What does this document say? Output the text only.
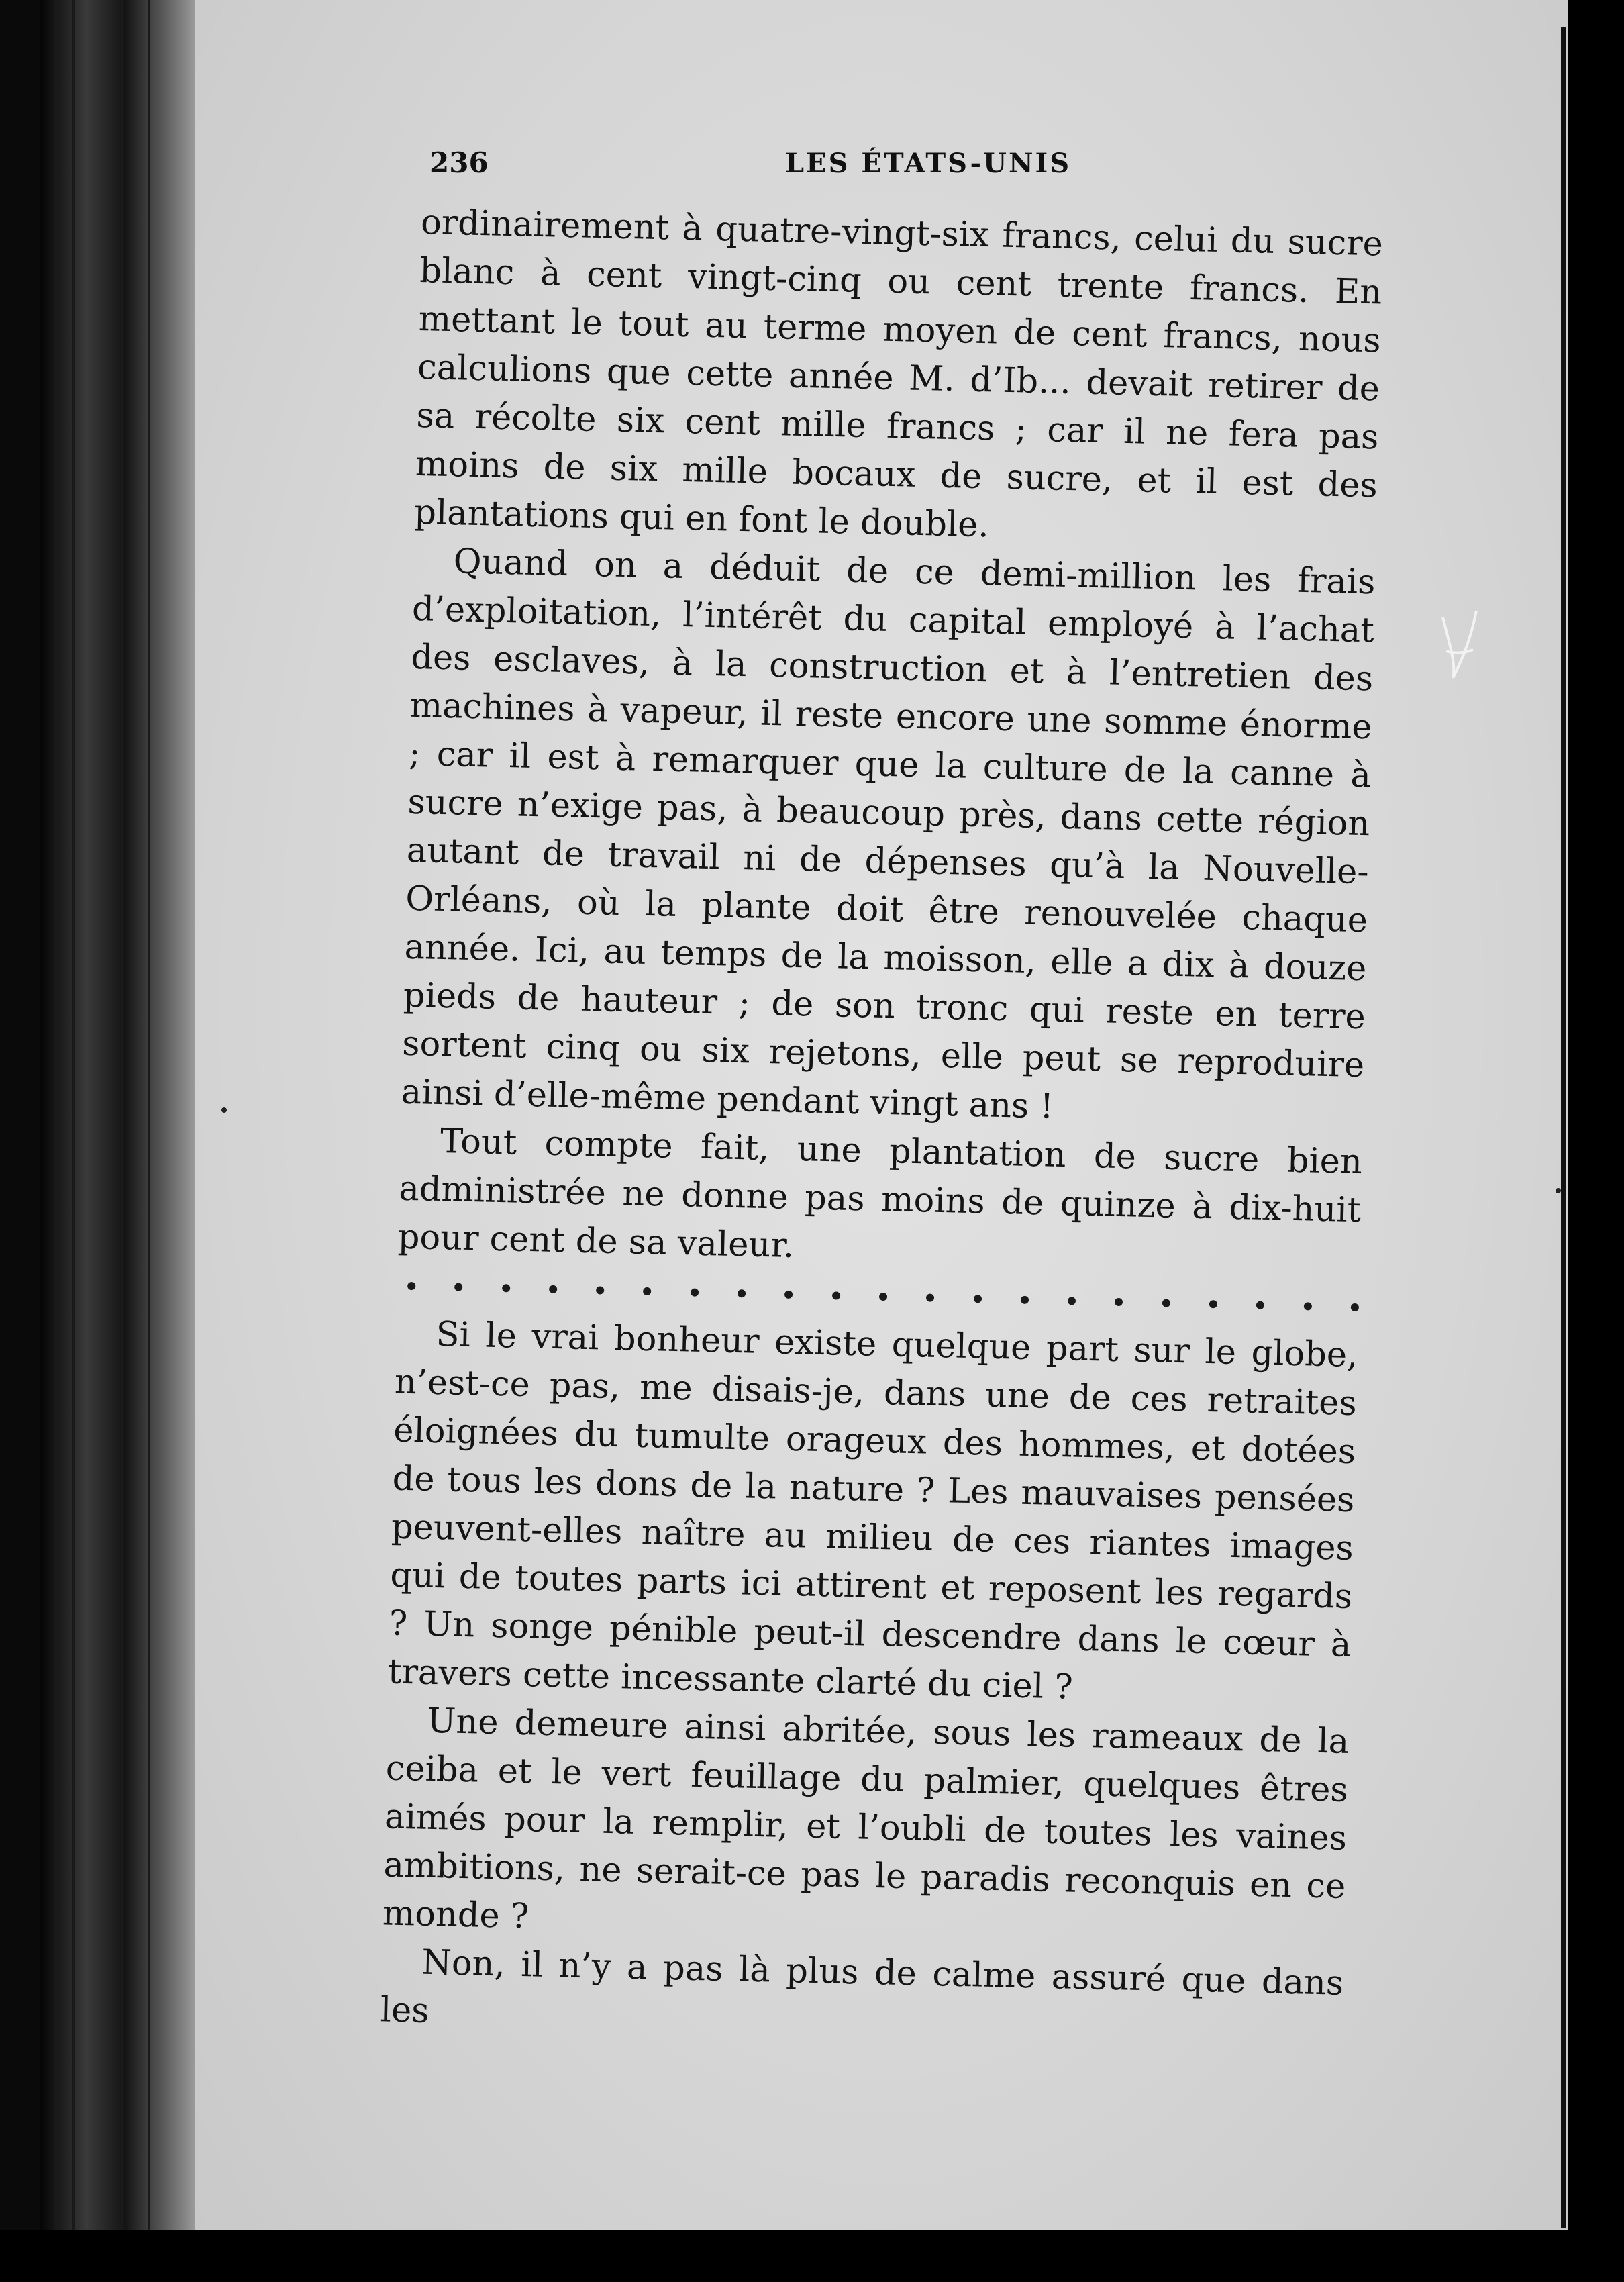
236	LES ÉTATS-UNIS

ordinairement à quatre-vingt-six francs, celui du sucre blanc à cent vingt-cinq ou cent trente francs. En mettant le tout au terme moyen de cent francs, nous calculions que cette année M. d’Ib... devait retirer de sa récolte six cent mille francs ; car il ne fera pas moins de six mille bocaux de sucre, et il est des plantations qui en font le double.

Quand on a déduit de ce demi-million les frais d’exploitation, l’intérêt du capital employé à l’achat des esclaves, à la construction et à l’entretien des machines à vapeur, il reste encore une somme énorme ; car il est à remarquer que la culture de la canne à sucre n’exige pas, à beaucoup près, dans cette région autant de travail ni de dépenses qu’à la Nouvelle-Orléans, où la plante doit être renouvelée chaque année. Ici, au temps de la moisson, elle a dix à douze pieds de hauteur ; de son tronc qui reste en terre sortent cinq ou six rejetons, elle peut se reproduire ainsi d’elle-même pendant vingt ans !

Tout compte fait, une plantation de sucre bien administrée ne donne pas moins de quinze à dix-huit pour cent de sa valeur.

Si le vrai bonheur existe quelque part sur le globe, n’est-ce pas, me disais-je, dans une de ces retraites éloignées du tumulte orageux des hommes, et dotées de tous les dons de la nature ? Les mauvaises pensées peuvent-elles naître au milieu de ces riantes images qui de toutes parts ici attirent et reposent les regards ? Un songe pénible peut-il descendre dans le cœur à travers cette incessante clarté du ciel ?

Une demeure ainsi abritée, sous les rameaux de la ceiba et le vert feuillage du palmier, quelques êtres aimés pour la remplir, et l’oubli de toutes les vaines ambitions, ne serait-ce pas le paradis reconquis en ce monde ?

Non, il n’y a pas là plus de calme assuré que dans les
